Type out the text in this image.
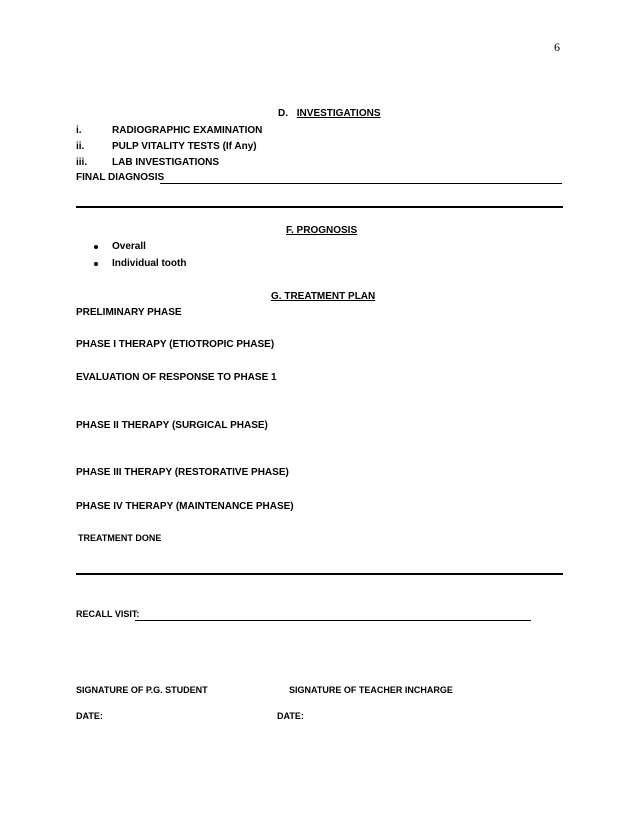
6
D. INVESTIGATIONS
i.	RADIOGRAPHIC EXAMINATION
ii.	PULP VITALITY TESTS (If Any)
iii. LAB INVESTIGATIONS
FINAL DIAGNOSIS
F. PROGNOSIS
Overall
Individual tooth
G. TREATMENT PLAN
PRELIMINARY PHASE
PHASE I THERAPY (ETIOTROPIC PHASE)
EVALUATION OF RESPONSE TO PHASE 1
PHASE II THERAPY (SURGICAL PHASE)
PHASE III THERAPY (RESTORATIVE PHASE)
PHASE IV THERAPY (MAINTENANCE PHASE)
TREATMENT DONE
RECALL VISIT:
SIGNATURE OF P.G. STUDENT	SIGNATURE OF TEACHER INCHARGE
DATE:	DATE:
